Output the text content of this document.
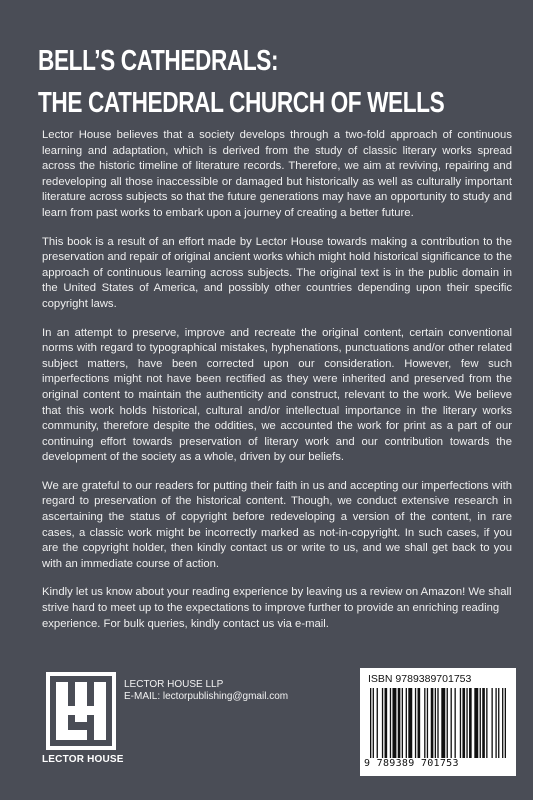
BELL’S CATHEDRALS:
THE CATHEDRAL CHURCH OF WELLS

Lector House believes that a society develops through a two-fold approach of continuous learning and adaptation, which is derived from the study of classic literary works spread across the historic timeline of literature records. Therefore, we aim at reviving, repairing and redeveloping all those inaccessible or damaged but historically as well as culturally important literature across subjects so that the future generations may have an opportunity to study and learn from past works to embark upon a journey of creating a better future.

This book is a result of an effort made by Lector House towards making a contribution to the preservation and repair of original ancient works which might hold historical significance to the approach of continuous learning across subjects. The original text is in the public domain in the United States of America, and possibly other countries depending upon their specific copyright laws.

In an attempt to preserve, improve and recreate the original content, certain conventional norms with regard to typographical mistakes, hyphenations, punctuations and/or other related subject matters, have been corrected upon our consideration. However, few such imperfections might not have been rectified as they were inherited and preserved from the original content to maintain the authenticity and construct, relevant to the work. We believe that this work holds historical, cultural and/or intellectual importance in the literary works community, therefore despite the oddities, we accounted the work for print as a part of our continuing effort towards preservation of literary work and our contribution towards the development of the society as a whole, driven by our beliefs.

We are grateful to our readers for putting their faith in us and accepting our imperfections with regard to preservation of the historical content. Though, we conduct extensive research in ascertaining the status of copyright before redeveloping a version of the content, in rare cases, a classic work might be incorrectly marked as not-in-copyright. In such cases, if you are the copyright holder, then kindly contact us or write to us, and we shall get back to you with an immediate course of action.

Kindly let us know about your reading experience by leaving us a review on Amazon! We shall strive hard to meet up to the expectations to improve further to provide an enriching reading experience. For bulk queries, kindly contact us via e-mail.

LECTOR HOUSE
LECTOR HOUSE LLP
E-MAIL: lectorpublishing@gmail.com
ISBN 9789389701753
9 789389 701753
